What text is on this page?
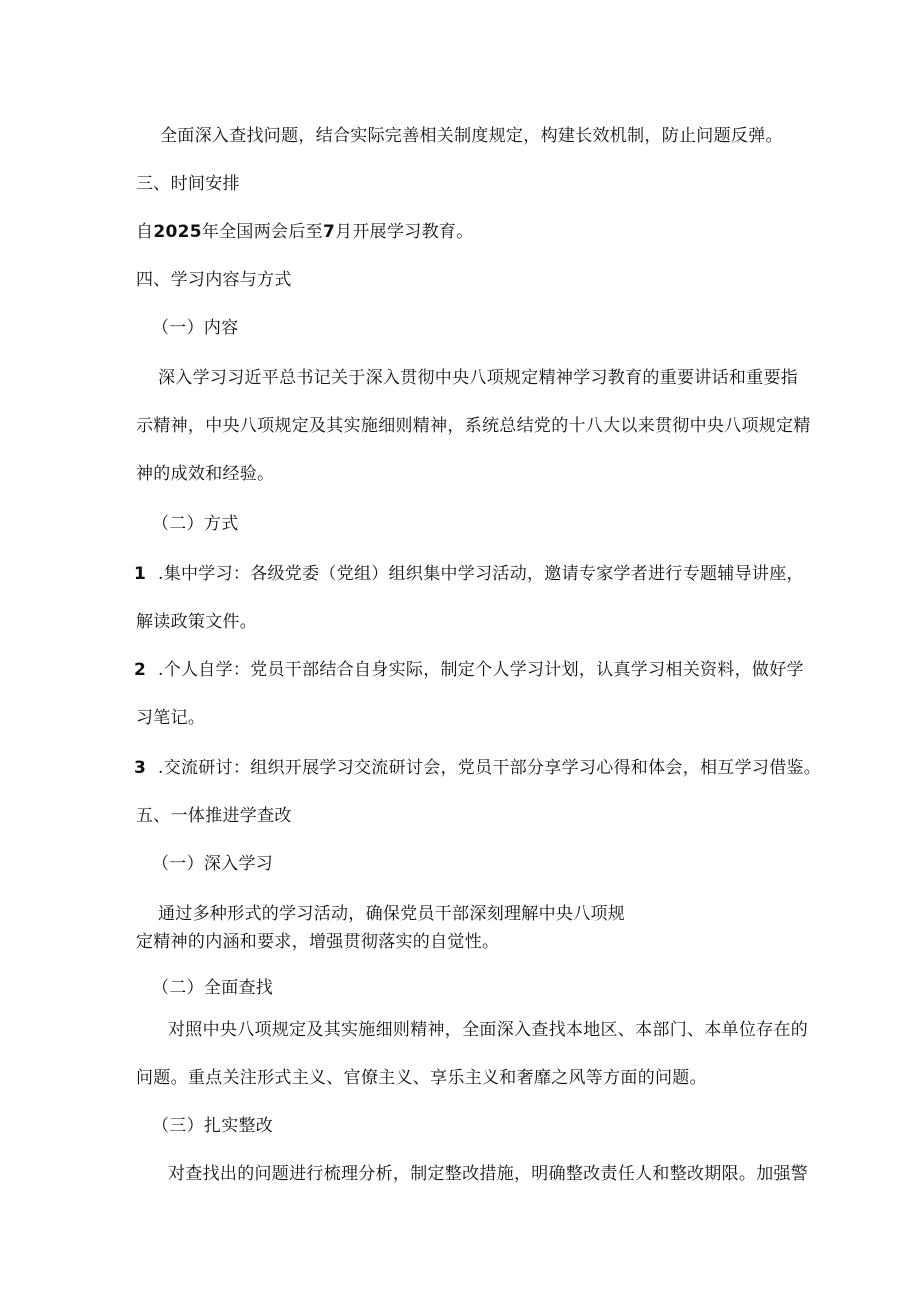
全面深入查找问题，结合实际完善相关制度规定，构建长效机制，防止问题反弹。
三、时间安排
自2025年全国两会后至7月开展学习教育。
四、学习内容与方式
（一）内容
深入学习习近平总书记关于深入贯彻中央八项规定精神学习教育的重要讲话和重要指
示精神，中央八项规定及其实施细则精神，系统总结党的十八大以来贯彻中央八项规定精
神的成效和经验。
（二）方式
1 .集中学习：各级党委（党组）组织集中学习活动，邀请专家学者进行专题辅导讲座，
解读政策文件。
2 .个人自学：党员干部结合自身实际，制定个人学习计划，认真学习相关资料，做好学
习笔记。
3 .交流研讨：组织开展学习交流研讨会，党员干部分享学习心得和体会，相互学习借鉴。
五、一体推进学查改
（一）深入学习
通过多种形式的学习活动，确保党员干部深刻理解中央八项规
定精神的内涵和要求，增强贯彻落实的自觉性。
（二）全面查找
对照中央八项规定及其实施细则精神，全面深入查找本地区、本部门、本单位存在的
问题。重点关注形式主义、官僚主义、享乐主义和奢靡之风等方面的问题。
（三）扎实整改
对查找出的问题进行梳理分析，制定整改措施，明确整改责任人和整改期限。加强警
